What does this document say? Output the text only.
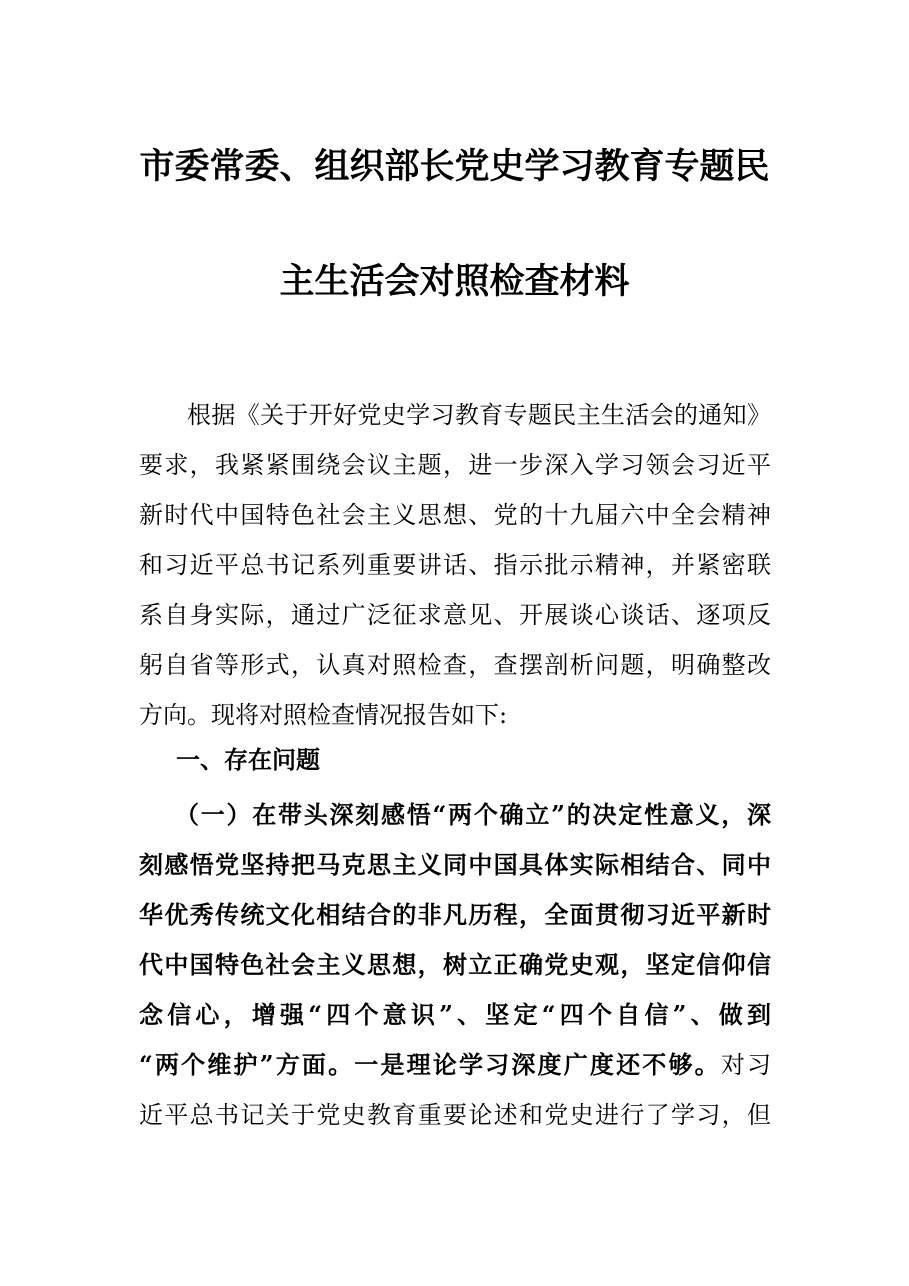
市委常委、组织部长党史学习教育专题民
主生活会对照检查材料
根据《关于开好党史学习教育专题民主生活会的通知》
要求，我紧紧围绕会议主题，进一步深入学习领会习近平
新时代中国特色社会主义思想、党的十九届六中全会精神
和习近平总书记系列重要讲话、指示批示精神，并紧密联
系自身实际，通过广泛征求意见、开展谈心谈话、逐项反
躬自省等形式，认真对照检查，查摆剖析问题，明确整改
方向。现将对照检查情况报告如下:
一、存在问题
（一）在带头深刻感悟“两个确立”的决定性意义，深
刻感悟党坚持把马克思主义同中国具体实际相结合、同中
华优秀传统文化相结合的非凡历程，全面贯彻习近平新时
代中国特色社会主义思想，树立正确党史观，坚定信仰信
念信心，增强“四个意识”、坚定“四个自信”、做到
“两个维护”方面。一是理论学习深度广度还不够。对习
近平总书记关于党史教育重要论述和党史进行了学习，但
